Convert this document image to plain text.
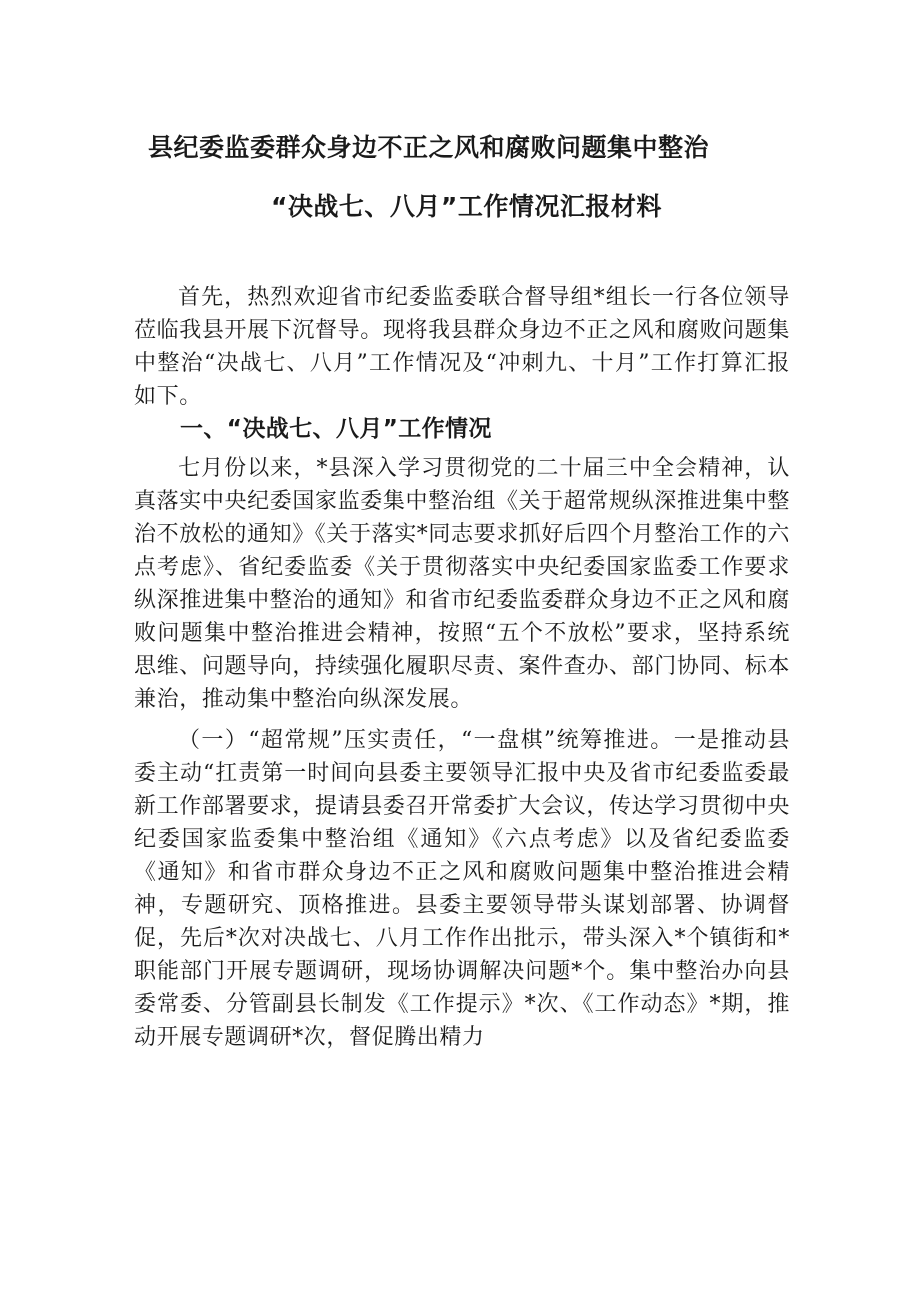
县纪委监委群众身边不正之风和腐败问题集中整治
“决战七、八月”工作情况汇报材料

首先，热烈欢迎省市纪委监委联合督导组*组长一行各位领导莅临我县开展下沉督导。现将我县群众身边不正之风和腐败问题集中整治“决战七、八月”工作情况及“冲刺九、十月”工作打算汇报如下。

一、“决战七、八月”工作情况

七月份以来，*县深入学习贯彻党的二十届三中全会精神，认真落实中央纪委国家监委集中整治组《关于超常规纵深推进集中整治不放松的通知》《关于落实*同志要求抓好后四个月整治工作的六点考虑》、省纪委监委《关于贯彻落实中央纪委国家监委工作要求纵深推进集中整治的通知》和省市纪委监委群众身边不正之风和腐败问题集中整治推进会精神，按照“五个不放松”要求，坚持系统思维、问题导向，持续强化履职尽责、案件查办、部门协同、标本兼治，推动集中整治向纵深发展。

（一）“超常规”压实责任，“一盘棋”统筹推进。一是推动县委主动“扛责第一时间向县委主要领导汇报中央及省市纪委监委最新工作部署要求，提请县委召开常委扩大会议，传达学习贯彻中央纪委国家监委集中整治组《通知》《六点考虑》以及省纪委监委《通知》和省市群众身边不正之风和腐败问题集中整治推进会精神，专题研究、顶格推进。县委主要领导带头谋划部署、协调督促，先后*次对决战七、八月工作作出批示，带头深入*个镇街和*职能部门开展专题调研，现场协调解决问题*个。集中整治办向县委常委、分管副县长制发《工作提示》*次、《工作动态》*期，推动开展专题调研*次，督促腾出精力
